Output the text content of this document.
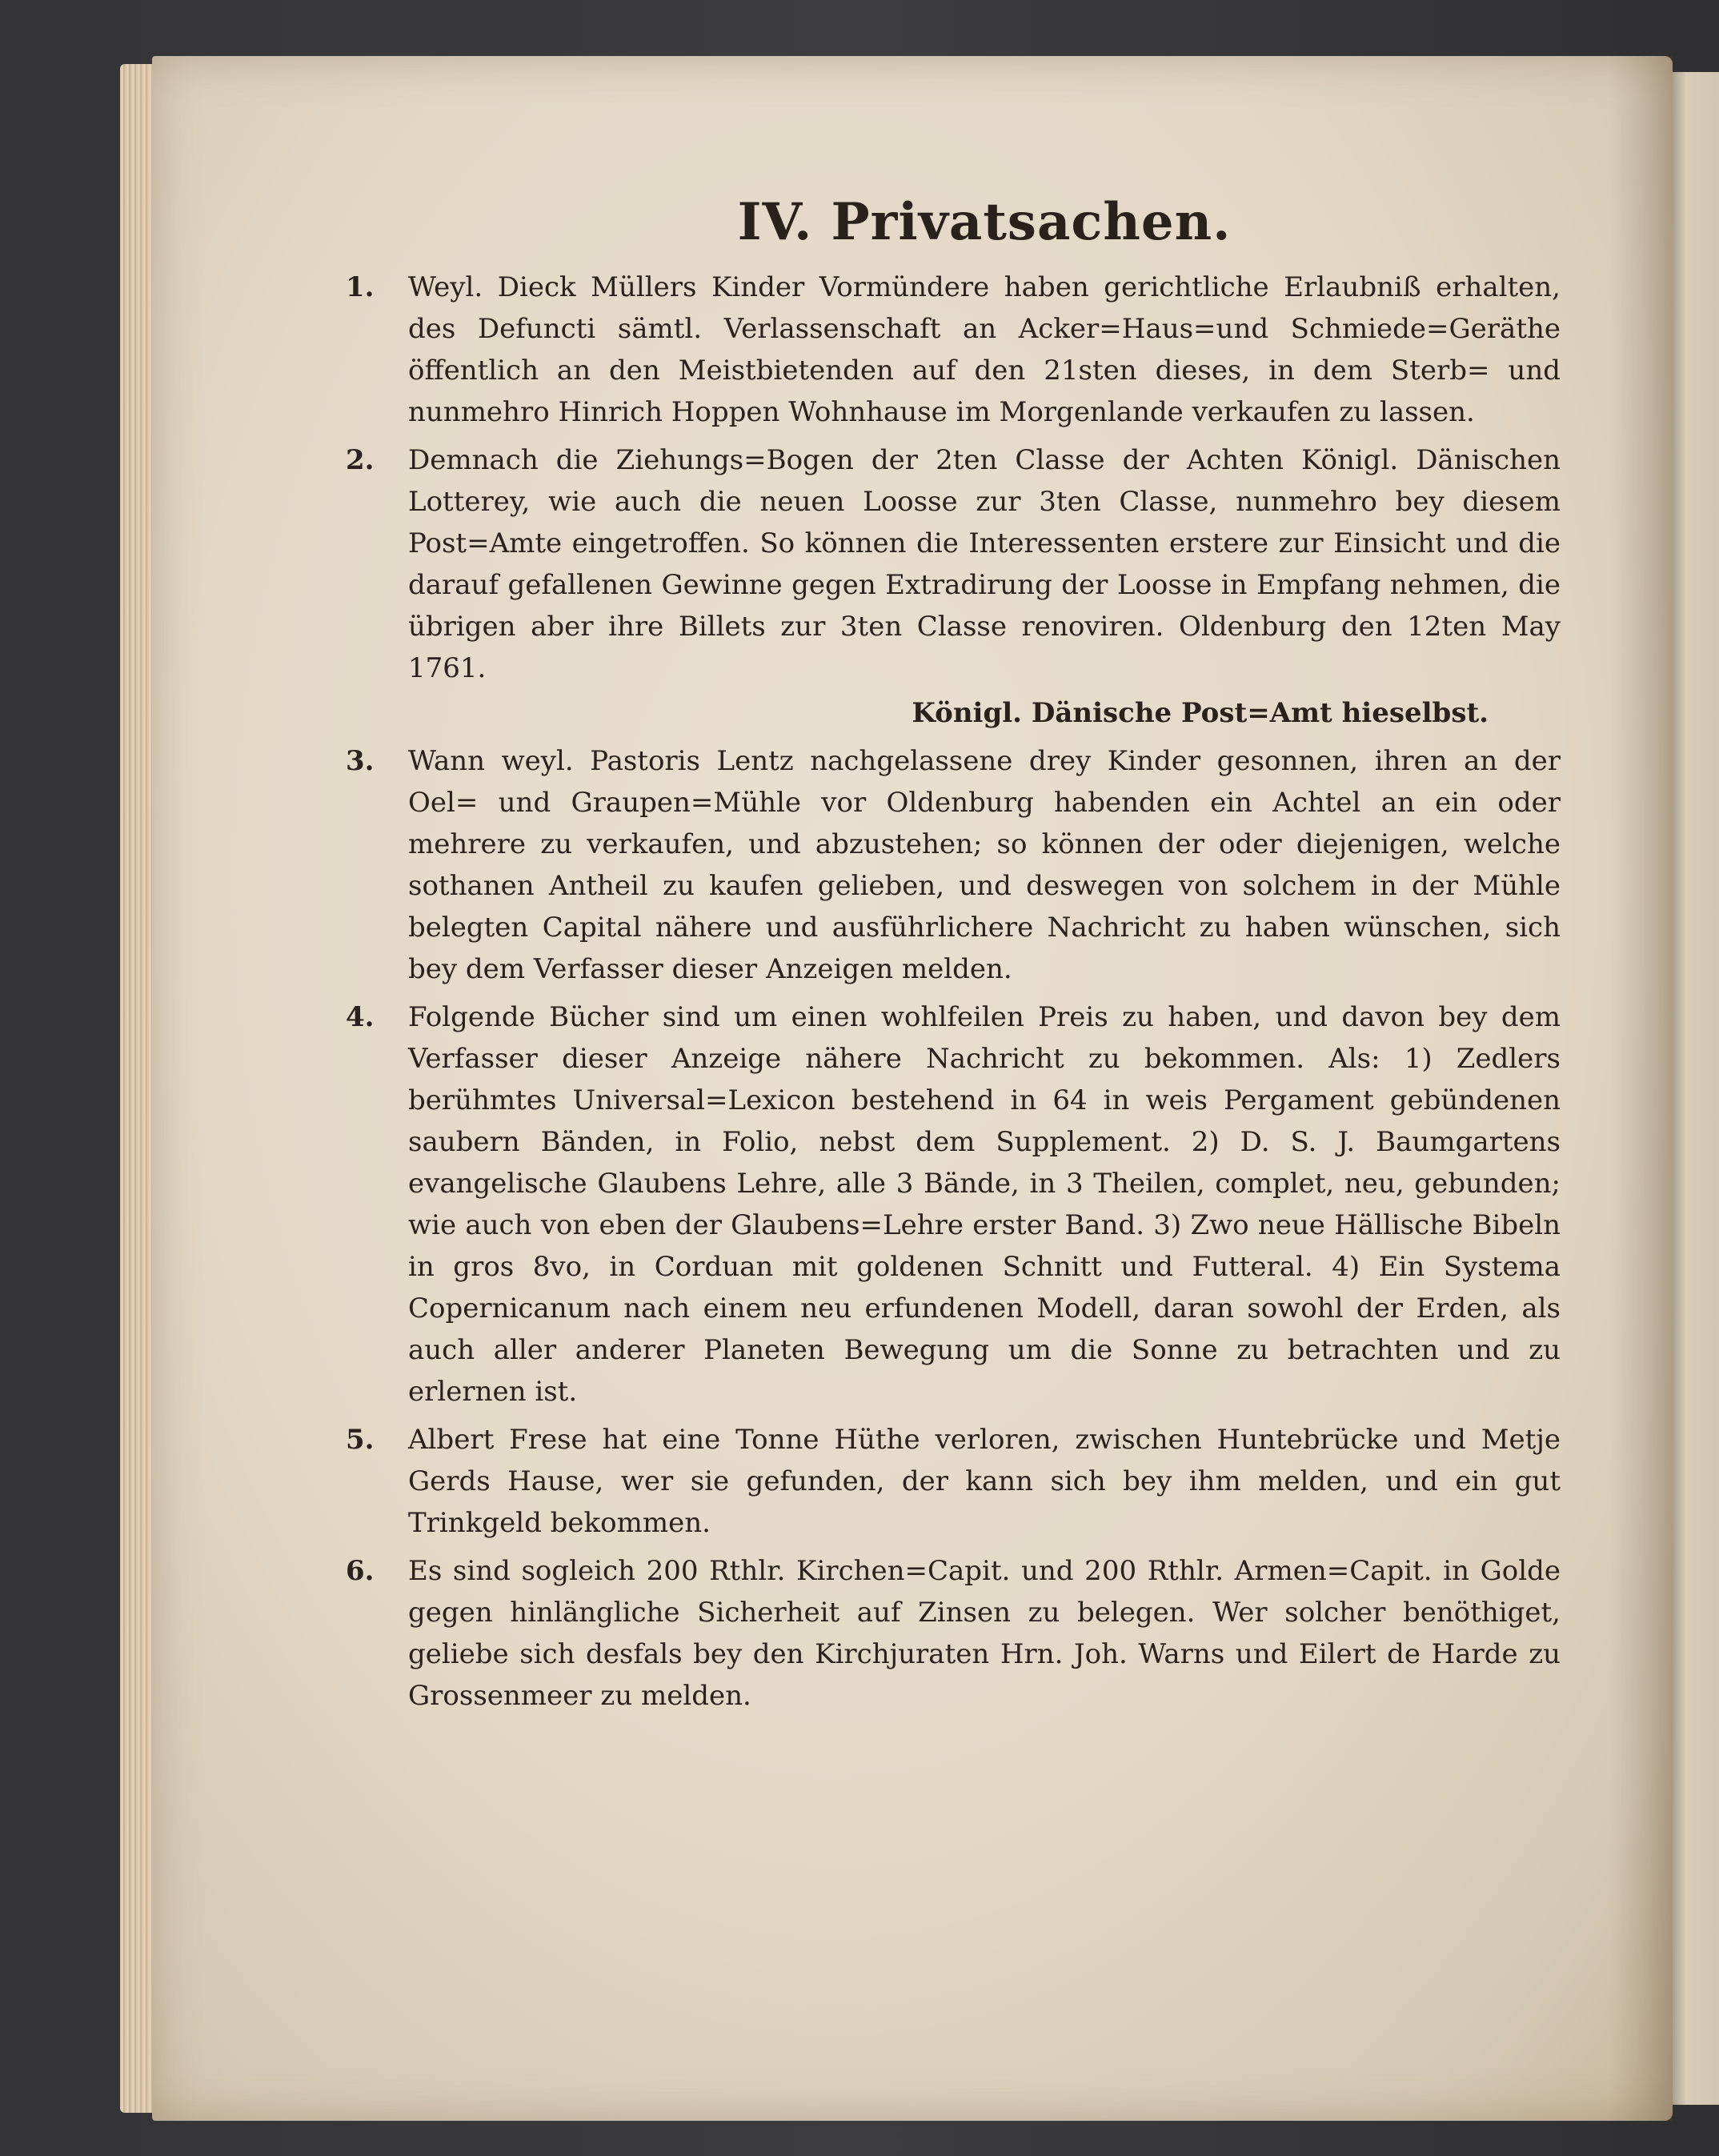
IV. Privatsachen.
1. Weyl. Dieck Müllers Kinder Vormündere haben gerichtliche Erlaubniß erhalten, des Defuncti sämtl. Verlassenschaft an Acker=Haus=und Schmiede=Geräthe öffentlich an den Meistbietenden auf den 21sten dieses, in dem Sterb= und nunmehro Hinrich Hoppen Wohnhause im Morgenlande verkaufen zu lassen.

2. Demnach die Ziehungs=Bogen der 2ten Classe der Achten Königl. Dänischen Lotterey, wie auch die neuen Loosse zur 3ten Classe, nunmehro bey diesem Post=Amte eingetroffen. So können die Interessenten erstere zur Einsicht und die darauf gefallenen Gewinne gegen Extradirung der Loosse in Empfang nehmen, die übrigen aber ihre Billets zur 3ten Classe renoviren. Oldenburg den 12ten May 1761.

Königl. Dänische Post=Amt hieselbst.
3. Wann weyl. Pastoris Lentz nachgelassene drey Kinder gesonnen, ihren an der Oel= und Graupen=Mühle vor Oldenburg habenden ein Achtel an ein oder mehrere zu verkaufen, und abzustehen; so können der oder diejenigen, welche sothanen Antheil zu kaufen gelieben, und deswegen von solchem in der Mühle belegten Capital nähere und ausführlichere Nachricht zu haben wünschen, sich bey dem Verfasser dieser Anzeigen melden.

4. Folgende Bücher sind um einen wohlfeilen Preis zu haben, und davon bey dem Verfasser dieser Anzeige nähere Nachricht zu bekommen. Als: 1) Zedlers berühmtes Universal=Lexicon bestehend in 64 in weis Pergament gebündenen saubern Bänden, in Folio, nebst dem Supplement. 2) D. S. J. Baumgartens evangelische Glaubens Lehre, alle 3 Bände, in 3 Theilen, complet, neu, gebunden; wie auch von eben der Glaubens=Lehre erster Band. 3) Zwo neue Hällische Bibeln in gros 8vo, in Corduan mit goldenen Schnitt und Futteral. 4) Ein Systema Copernicanum nach einem neu erfundenen Modell, daran sowohl der Erden, als auch aller anderer Planeten Bewegung um die Sonne zu betrachten und zu erlernen ist.

5. Albert Frese hat eine Tonne Hüthe verloren, zwischen Huntebrücke und Metje Gerds Hause, wer sie gefunden, der kann sich bey ihm melden, und ein gut Trinkgeld bekommen.

6. Es sind sogleich 200 Rthlr. Kirchen=Capit. und 200 Rthlr. Armen=Capit. in Golde gegen hinlängliche Sicherheit auf Zinsen zu belegen. Wer solcher benöthiget, geliebe sich desfals bey den Kirchjuraten Hrn. Joh. Warns und Eilert de Harde zu Grossenmeer zu melden.
